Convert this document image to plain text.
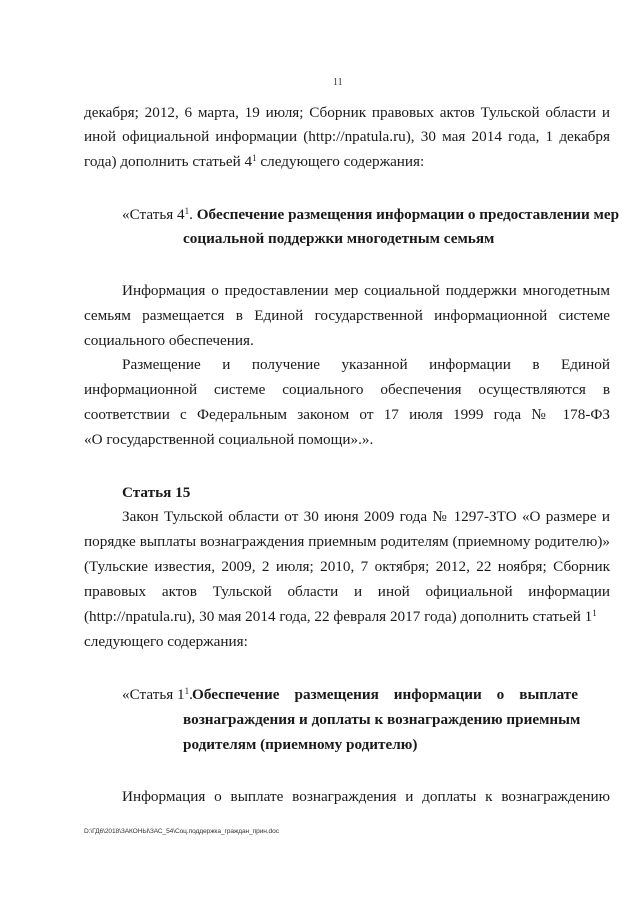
11
декабря; 2012, 6 марта, 19 июля; Сборник правовых актов Тульской области и
иной официальной информации (http://npatula.ru), 30 мая 2014 года, 1 декабря
года) дополнить статьей $4^1$ следующего содержания:
«Статья $4^1$. Обеспечение размещения информации о предоставлении мер
социальной поддержки многодетным семьям
Информация о предоставлении мер социальной поддержки многодетным
семьям размещается в Единой государственной информационной системе
социального обеспечения.
Размещение и получение указанной информации в Единой
информационной системе социального обеспечения осуществляются в
соответствии с Федеральным законом от 17 июля 1999 года № 178-ФЗ
«О государственной социальной помощи».».
Статья 15
Закон Тульской области от 30 июня 2009 года № 1297-ЗТО «О размере и
порядке выплаты вознаграждения приемным родителям (приемному родителю)»
(Тульские известия, 2009, 2 июля; 2010, 7 октября; 2012, 22 ноября; Сборник
правовых актов Тульской области и иной официальной информации
(http://npatula.ru), 30 мая 2014 года, 22 февраля 2017 года) дополнить статьей $1^1$
следующего содержания:
«Статья $1^1$. Обеспечение размещения информации о выплате
вознаграждения и доплаты к вознаграждению приемным
родителям (приемному родителю)
Информация о выплате вознаграждения и доплаты к вознаграждению
D:\ГД6\2018\ЗАКОНЫ\ЗАС_54\Соц.поддержка_граждан_прин.doc
